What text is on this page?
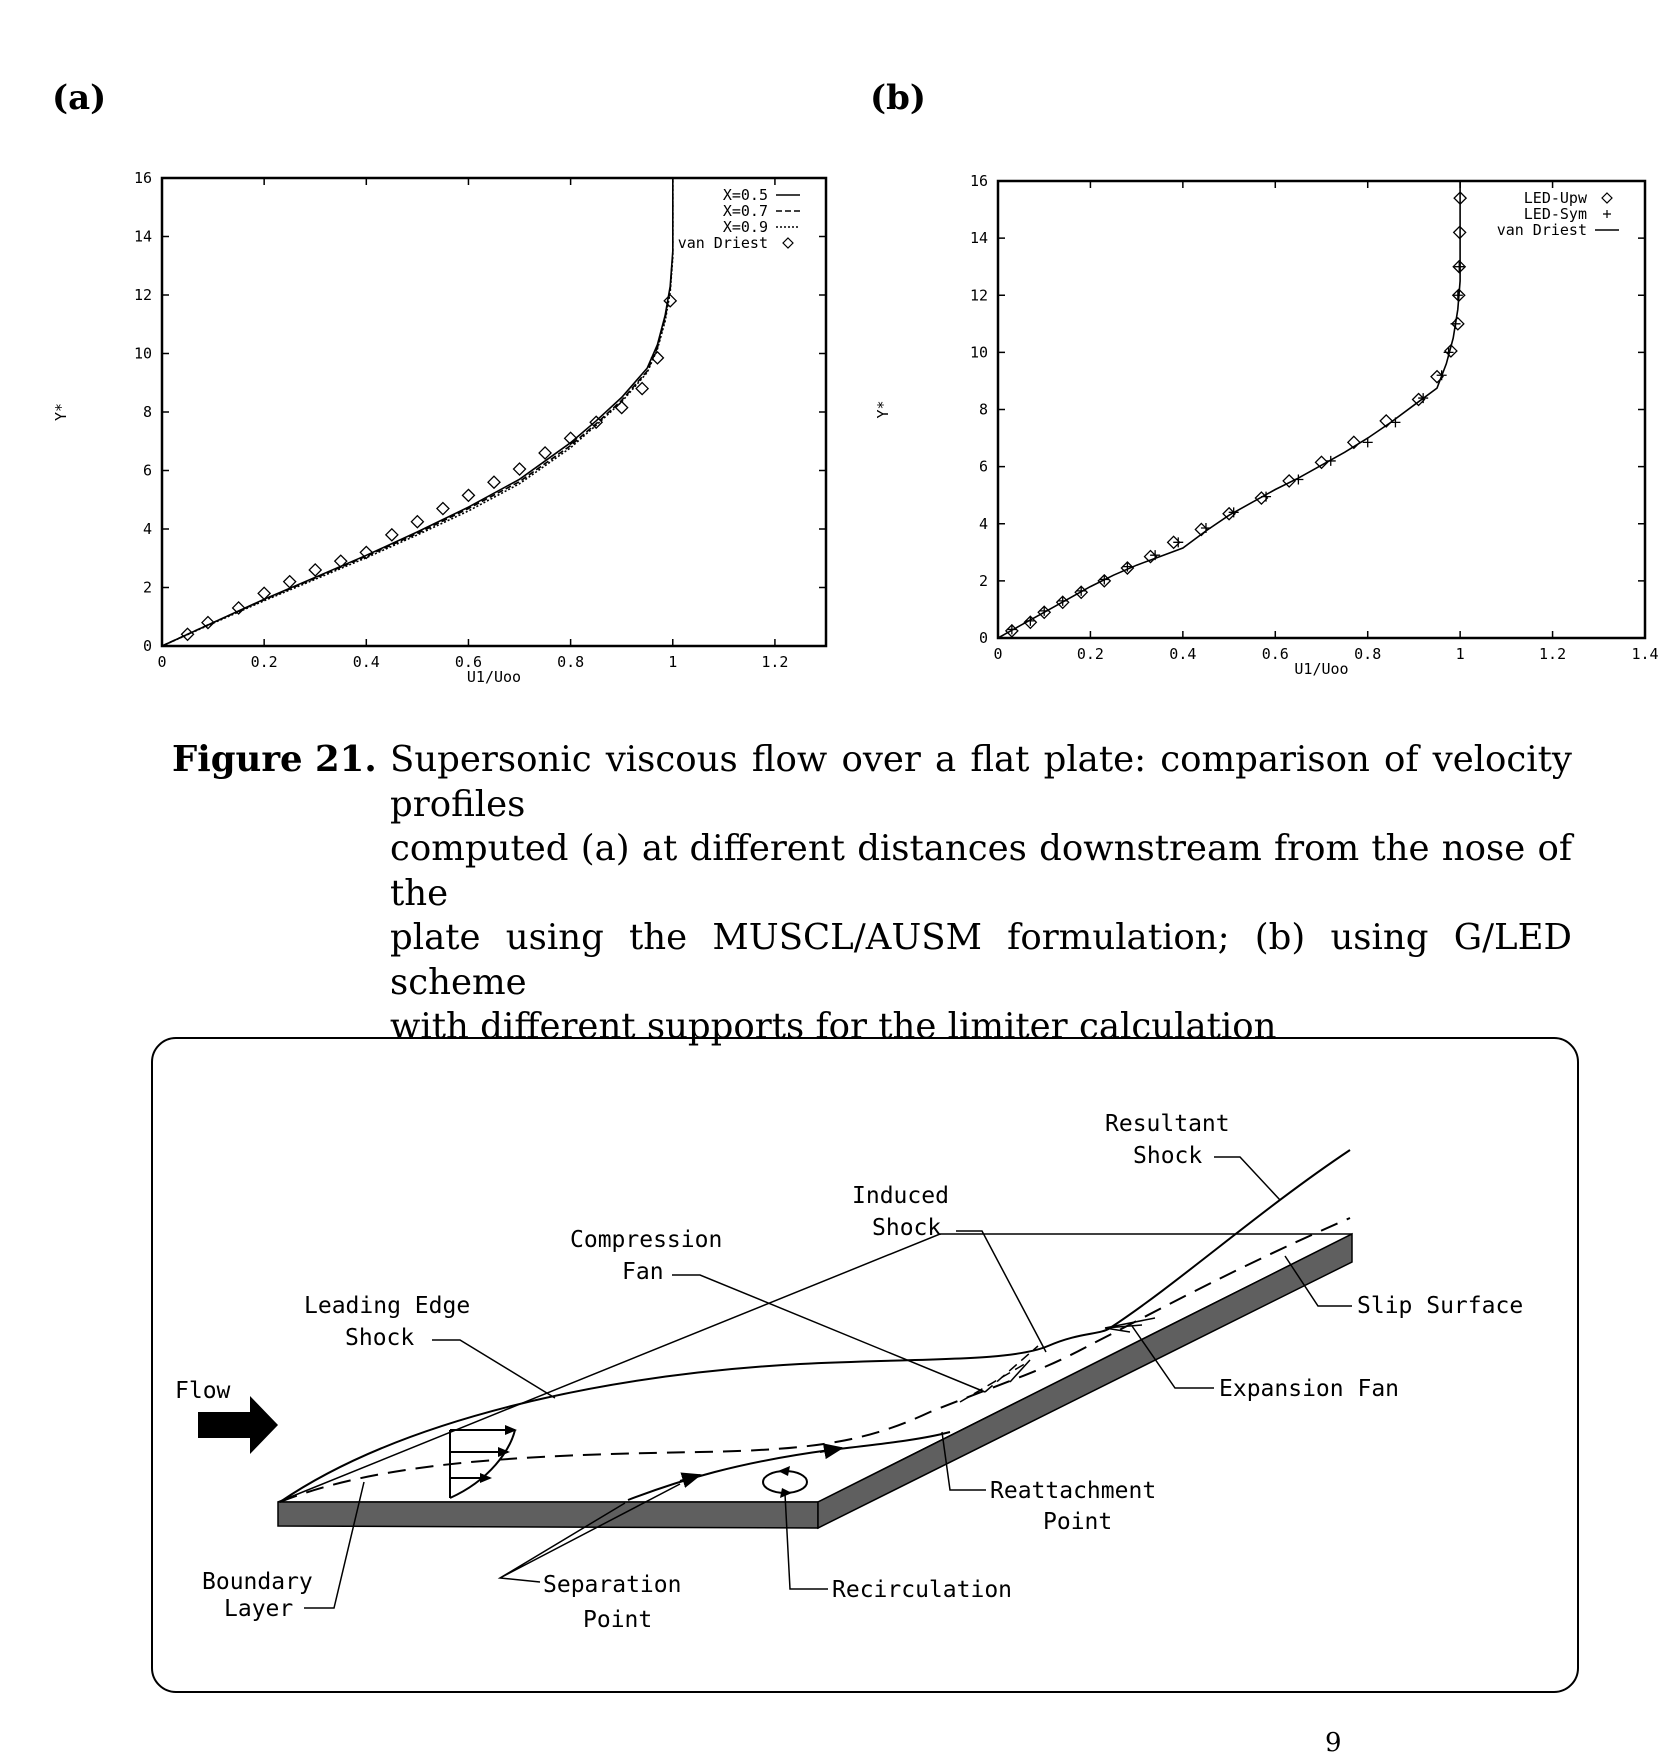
(a)	(b)
0	0.2	0.4	0.6	0.8	1	1.2
0
2
4
6
8
10
12
14
16
U1/Uoo
Y*
X=0.5
X=0.7
X=0.9
van Driest
0	0.2	0.4	0.6	0.8	1	1.2	1.4
0
2
4
6
8
10
12
14
16
U1/Uoo
Y*
LED-Upw
LED-Sym
van Driest
Figure 21. Supersonic viscous flow over a flat plate: comparison of velocity profiles
computed (a) at different distances downstream from the nose of the
plate using the MUSCL/AUSM formulation; (b) using G/LED scheme
with different supports for the limiter calculation
Resultant
Shock
Induced
Shock
Compression
Fan
Leading Edge
Shock
Slip Surface
Expansion Fan
Flow
Reattachment
Point
Boundary
Layer
Separation
Point
Recirculation
9
